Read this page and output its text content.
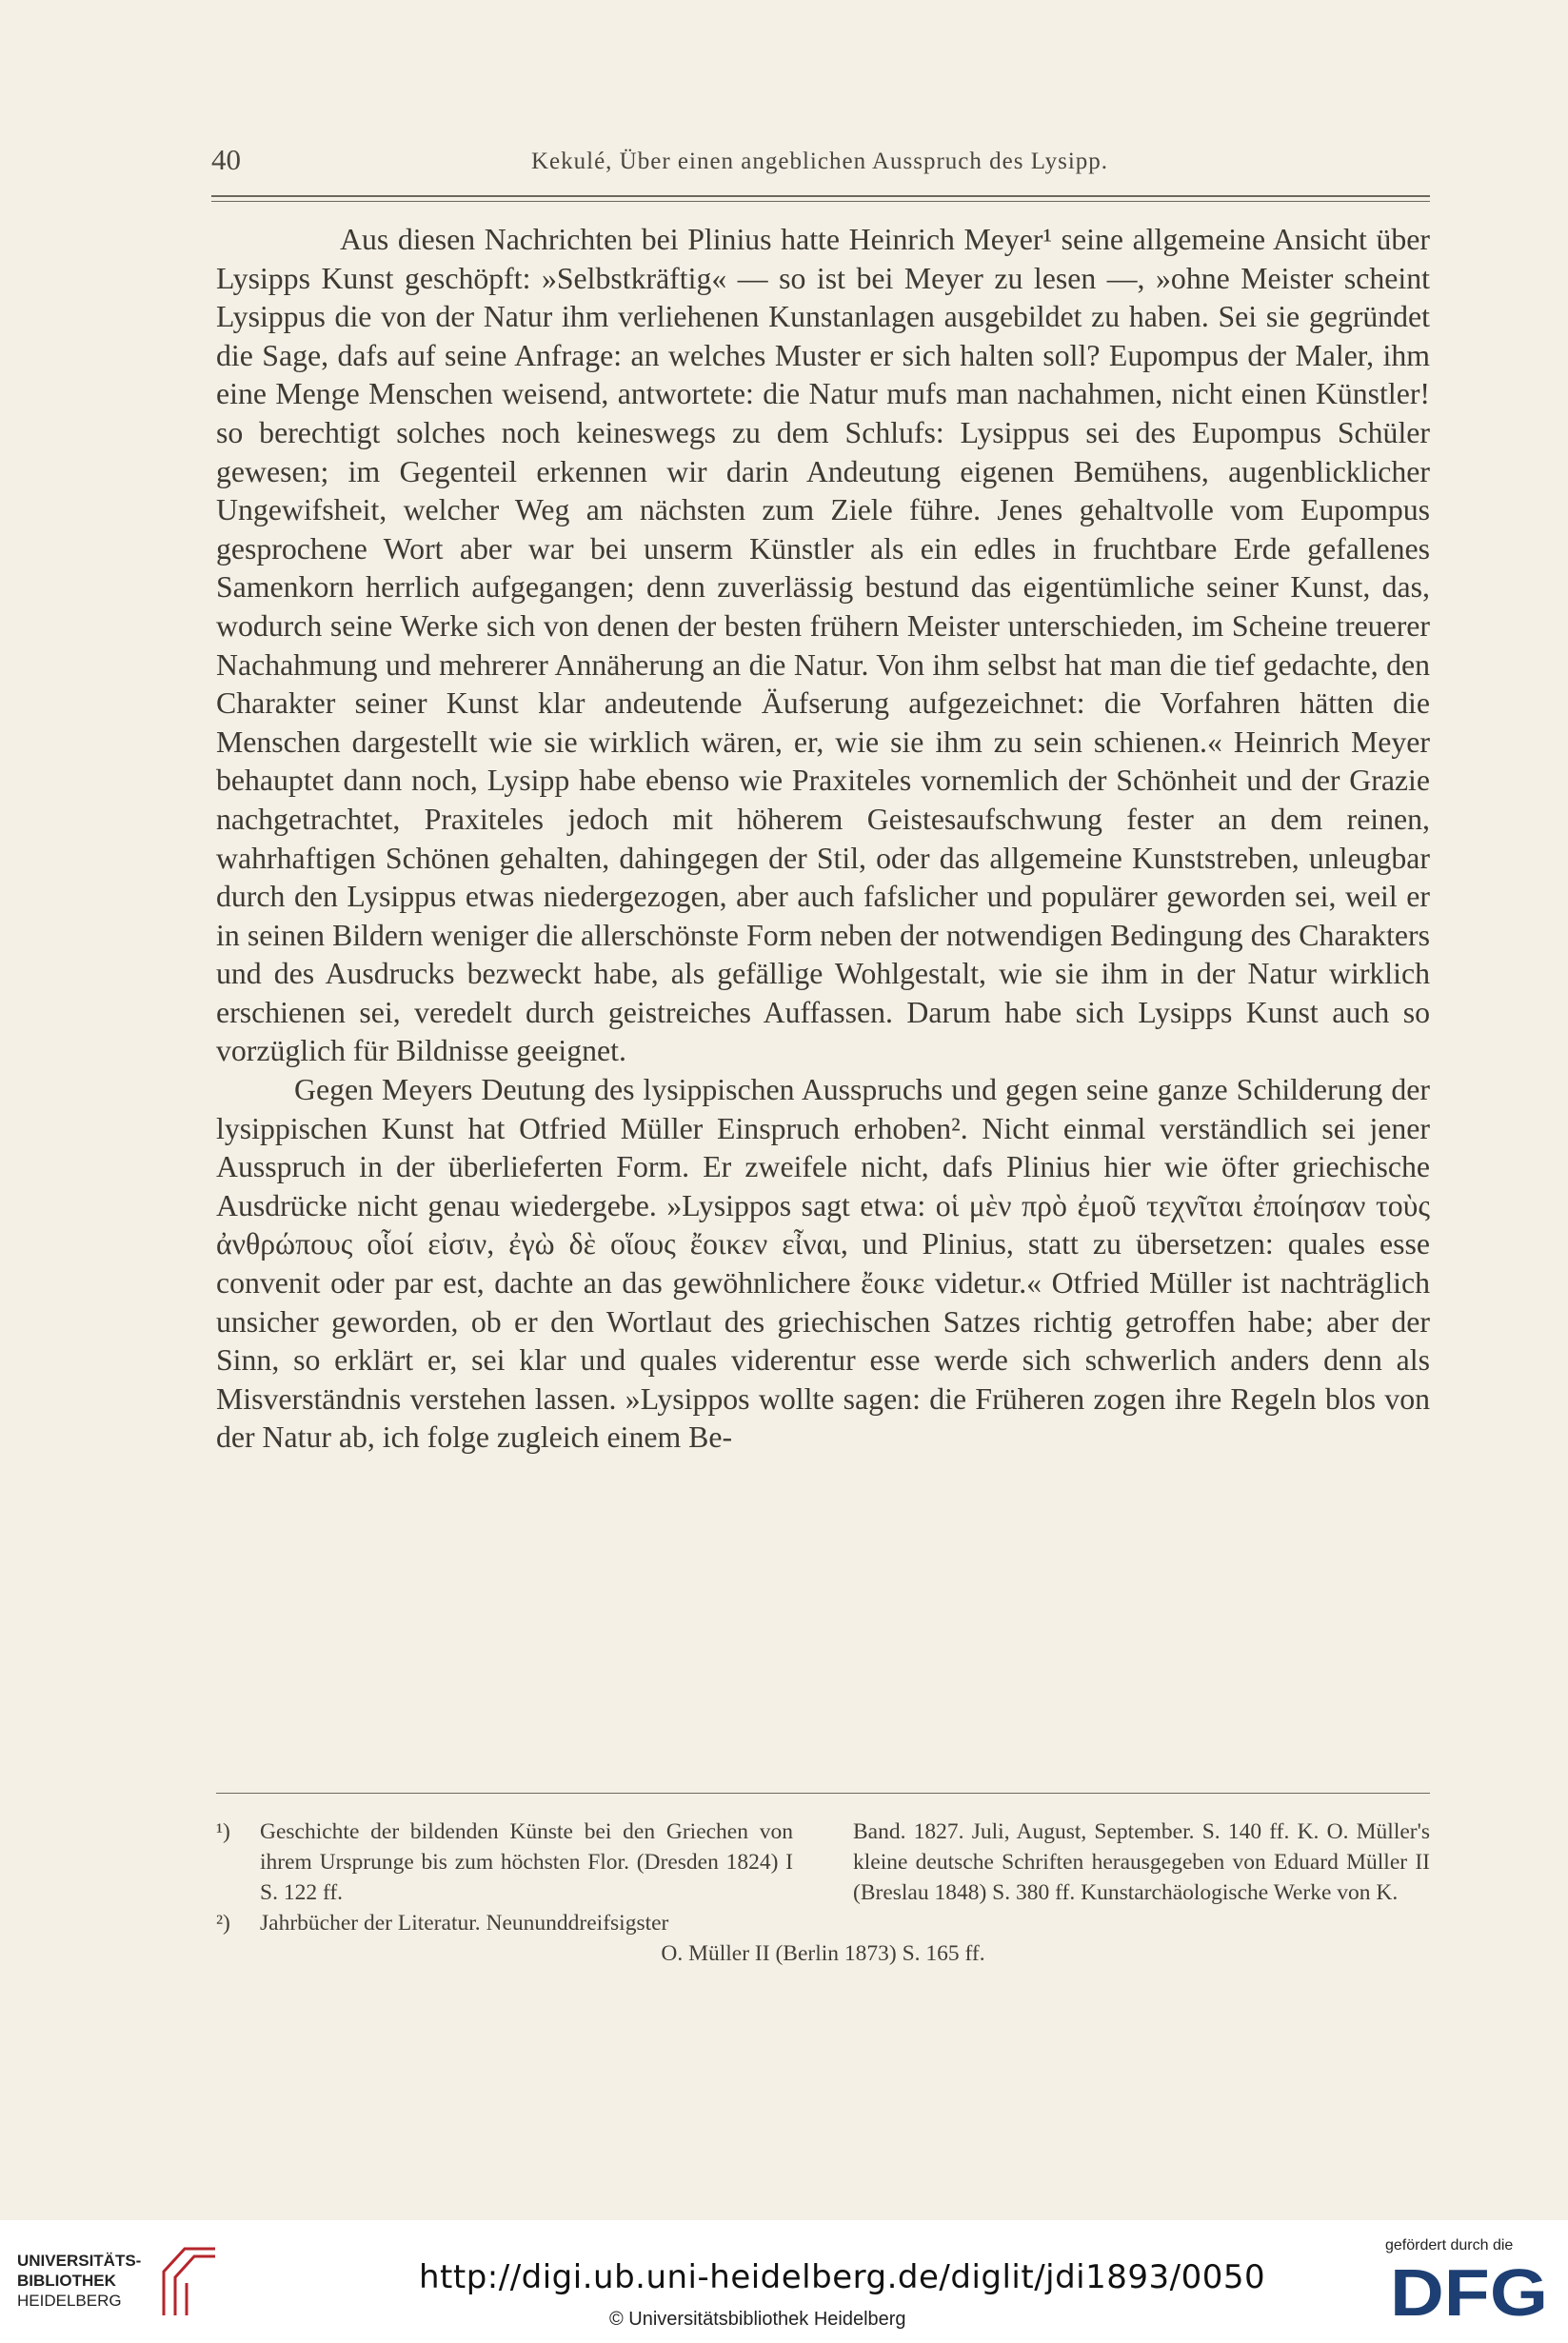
40	Kekulé, Über einen angeblichen Ausspruch des Lysipp.

Aus diesen Nachrichten bei Plinius hatte Heinrich Meyer¹ seine allgemeine Ansicht über Lysipps Kunst geschöpft: »Selbstkräftig« — so ist bei Meyer zu lesen —, »ohne Meister scheint Lysippus die von der Natur ihm verliehenen Kunstanlagen ausgebildet zu haben. Sei sie gegründet die Sage, dafs auf seine Anfrage: an welches Muster er sich halten soll? Eupompus der Maler, ihm eine Menge Menschen weisend, antwortete: die Natur mufs man nachahmen, nicht einen Künstler! so berechtigt solches noch keineswegs zu dem Schlufs: Lysippus sei des Eupompus Schüler gewesen; im Gegenteil erkennen wir darin Andeutung eigenen Bemühens, augenblicklicher Ungewifsheit, welcher Weg am nächsten zum Ziele führe. Jenes gehaltvolle vom Eupompus gesprochene Wort aber war bei unserm Künstler als ein edles in fruchtbare Erde gefallenes Samenkorn herrlich aufgegangen; denn zuverlässig bestund das eigentümliche seiner Kunst, das, wodurch seine Werke sich von denen der besten frühern Meister unterschieden, im Scheine treuerer Nachahmung und mehrerer Annäherung an die Natur. Von ihm selbst hat man die tief gedachte, den Charakter seiner Kunst klar andeutende Äufserung aufgezeichnet: die Vorfahren hätten die Menschen dargestellt wie sie wirklich wären, er, wie sie ihm zu sein schienen.« Heinrich Meyer behauptet dann noch, Lysipp habe ebenso wie Praxiteles vornemlich der Schönheit und der Grazie nachgetrachtet, Praxiteles jedoch mit höherem Geistesaufschwung fester an dem reinen, wahrhaftigen Schönen gehalten, dahingegen der Stil, oder das allgemeine Kunststreben, unleugbar durch den Lysippus etwas niedergezogen, aber auch fafslicher und populärer geworden sei, weil er in seinen Bildern weniger die allerschönste Form neben der notwendigen Bedingung des Charakters und des Ausdrucks bezweckt habe, als gefällige Wohlgestalt, wie sie ihm in der Natur wirklich erschienen sei, veredelt durch geistreiches Auffassen. Darum habe sich Lysipps Kunst auch so vorzüglich für Bildnisse geeignet.

Gegen Meyers Deutung des lysippischen Ausspruchs und gegen seine ganze Schilderung der lysippischen Kunst hat Otfried Müller Einspruch erhoben². Nicht einmal verständlich sei jener Ausspruch in der überlieferten Form. Er zweifele nicht, dafs Plinius hier wie öfter griechische Ausdrücke nicht genau wiedergebe. »Lysippos sagt etwa: οἱ μὲν πρὸ ἐμοῦ τεχνῖται ἐποίησαν τοὺς ἀνθρώπους οἷοί εἰσιν, ἐγὼ δὲ οἵους ἔοικεν εἶναι, und Plinius, statt zu übersetzen: quales esse convenit oder par est, dachte an das gewöhnlichere ἔοικε videtur.« Otfried Müller ist nachträglich unsicher geworden, ob er den Wortlaut des griechischen Satzes richtig getroffen habe; aber der Sinn, so erklärt er, sei klar und quales viderentur esse werde sich schwerlich anders denn als Misverständnis verstehen lassen. »Lysippos wollte sagen: die Früheren zogen ihre Regeln blos von der Natur ab, ich folge zugleich einem Be-

¹) Geschichte der bildenden Künste bei den Griechen von ihrem Ursprunge bis zum höchsten Flor. (Dresden 1824) I S. 122 ff.
²) Jahrbücher der Literatur. Neununddreifsigster
Band. 1827. Juli, August, September. S. 140 ff. K. O. Müller's kleine deutsche Schriften herausgegeben von Eduard Müller II (Breslau 1848) S. 380 ff. Kunstarchäologische Werke von K.
O. Müller II (Berlin 1873) S. 165 ff.
UNIVERSITÄTS-
BIBLIOTHEK
HEIDELBERG
http://digi.ub.uni-heidelberg.de/diglit/jdi1893/0050
© Universitätsbibliothek Heidelberg
gefördert durch die
DFG
